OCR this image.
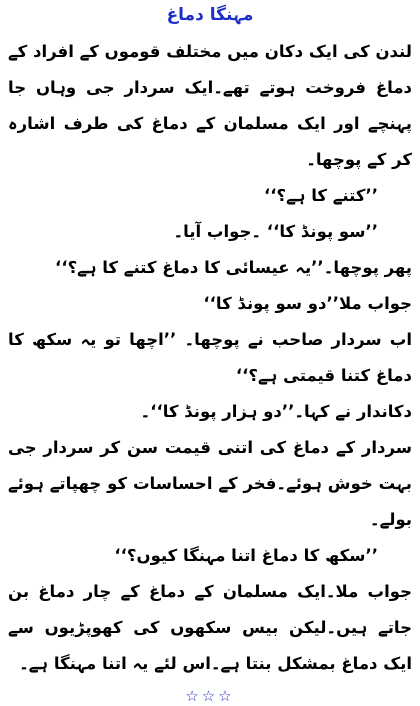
مہنگا دماغ

لندن کی ایک دکان میں مختلف قوموں کے افراد کے دماغ فروخت ہوتے تھے۔ایک سردار جی وہاں جا پہنچے اور ایک مسلمان کے دماغ کی طرف اشارہ کر کے پوچھا۔

’’کتنے کا ہے؟‘‘

’’سو پونڈ کا‘‘ ۔جواب آیا۔

پھر پوچھا۔’’یہ عیسائی کا دماغ کتنے کا ہے؟‘‘

جواب ملا’’دو سو پونڈ کا‘‘

اب سردار صاحب نے پوچھا۔ ’’اچھا تو یہ سکھ کا دماغ کتنا قیمتی ہے؟‘‘

دکاندار نے کہا۔’’دو ہزار پونڈ کا‘‘۔

سردار کے دماغ کی اتنی قیمت سن کر سردار جی بہت خوش ہوئے۔فخر کے احساسات کو چھپاتے ہوئے بولے۔

’’سکھ کا دماغ اتنا مہنگا کیوں؟‘‘

جواب ملا۔ایک مسلمان کے دماغ کے چار دماغ بن جاتے ہیں۔لیکن بیس سکھوں کی کھوپڑیوں سے ایک دماغ بمشکل بنتا ہے۔اس لئے یہ اتنا مہنگا ہے۔

☆☆☆
